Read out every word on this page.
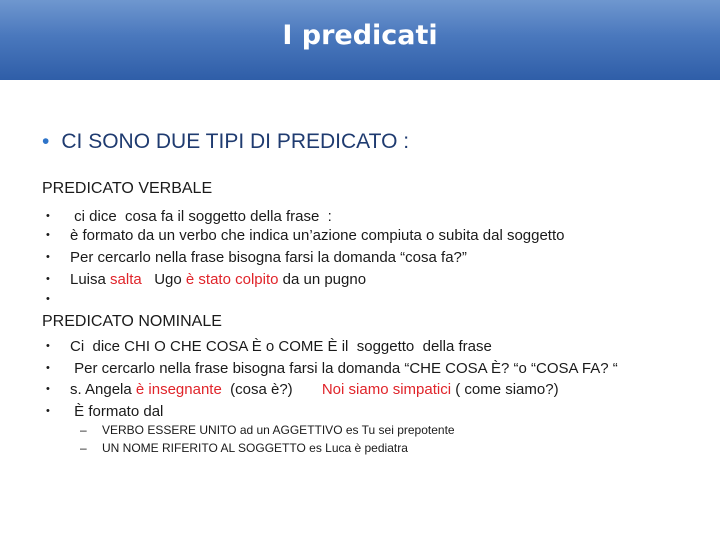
I predicati
• CI SONO DUE TIPI DI PREDICATO :
PREDICATO VERBALE
• ci dice  cosa fa il soggetto della frase  :
• è formato da un verbo che indica un’azione compiuta o subita dal soggetto
• Per cercarlo nella frase bisogna farsi la domanda “cosa fa?”
• Luisa salta   Ugo è stato colpito da un pugno
•
PREDICATO NOMINALE
• Ci  dice CHI O CHE COSA È o COME È il  soggetto  della frase
• Per cercarlo nella frase bisogna farsi la domanda “CHE COSA È? “o “COSA FA? “
• s. Angela è insegnante  (cosa è?)       Noi siamo simpatici ( come siamo?)
• È formato dal
– VERBO ESSERE UNITO ad un AGGETTIVO es Tu sei prepotente
– UN NOME RIFERITO AL SOGGETTO es Luca è pediatra
